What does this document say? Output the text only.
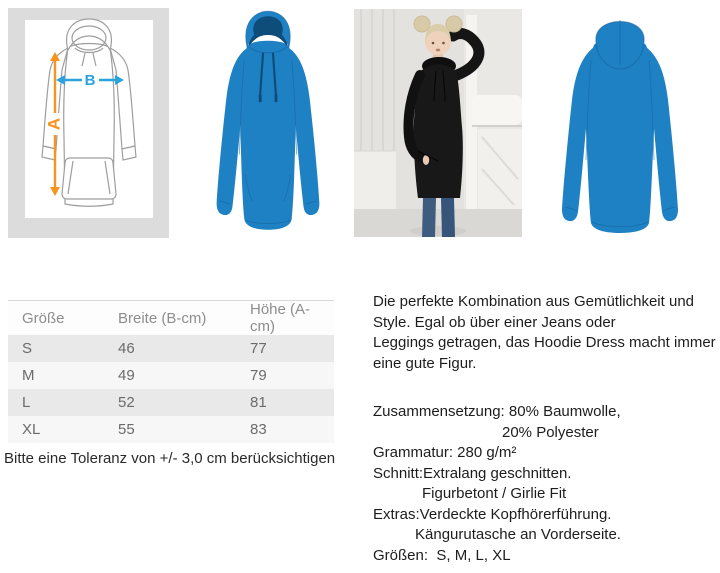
A
B
Größe	Breite (B-cm)	Höhe (A-cm)
S	46	77
M	49	79
L	52	81
XL	55	83
Bitte eine Toleranz von +/- 3,0 cm berücksichtigen
Die perfekte Kombination aus Gemütlichkeit und
Style. Egal ob über einer Jeans oder
Leggings getragen, das Hoodie Dress macht immer
eine gute Figur.
Zusammensetzung: 80% Baumwolle,
20% Polyester
Grammatur: 280 g/m²
Schnitt:Extralang geschnitten.
Figurbetont / Girlie Fit
Extras:Verdeckte Kopfhörerführung.
Kängurutasche an Vorderseite.
Größen:  S, M, L, XL
